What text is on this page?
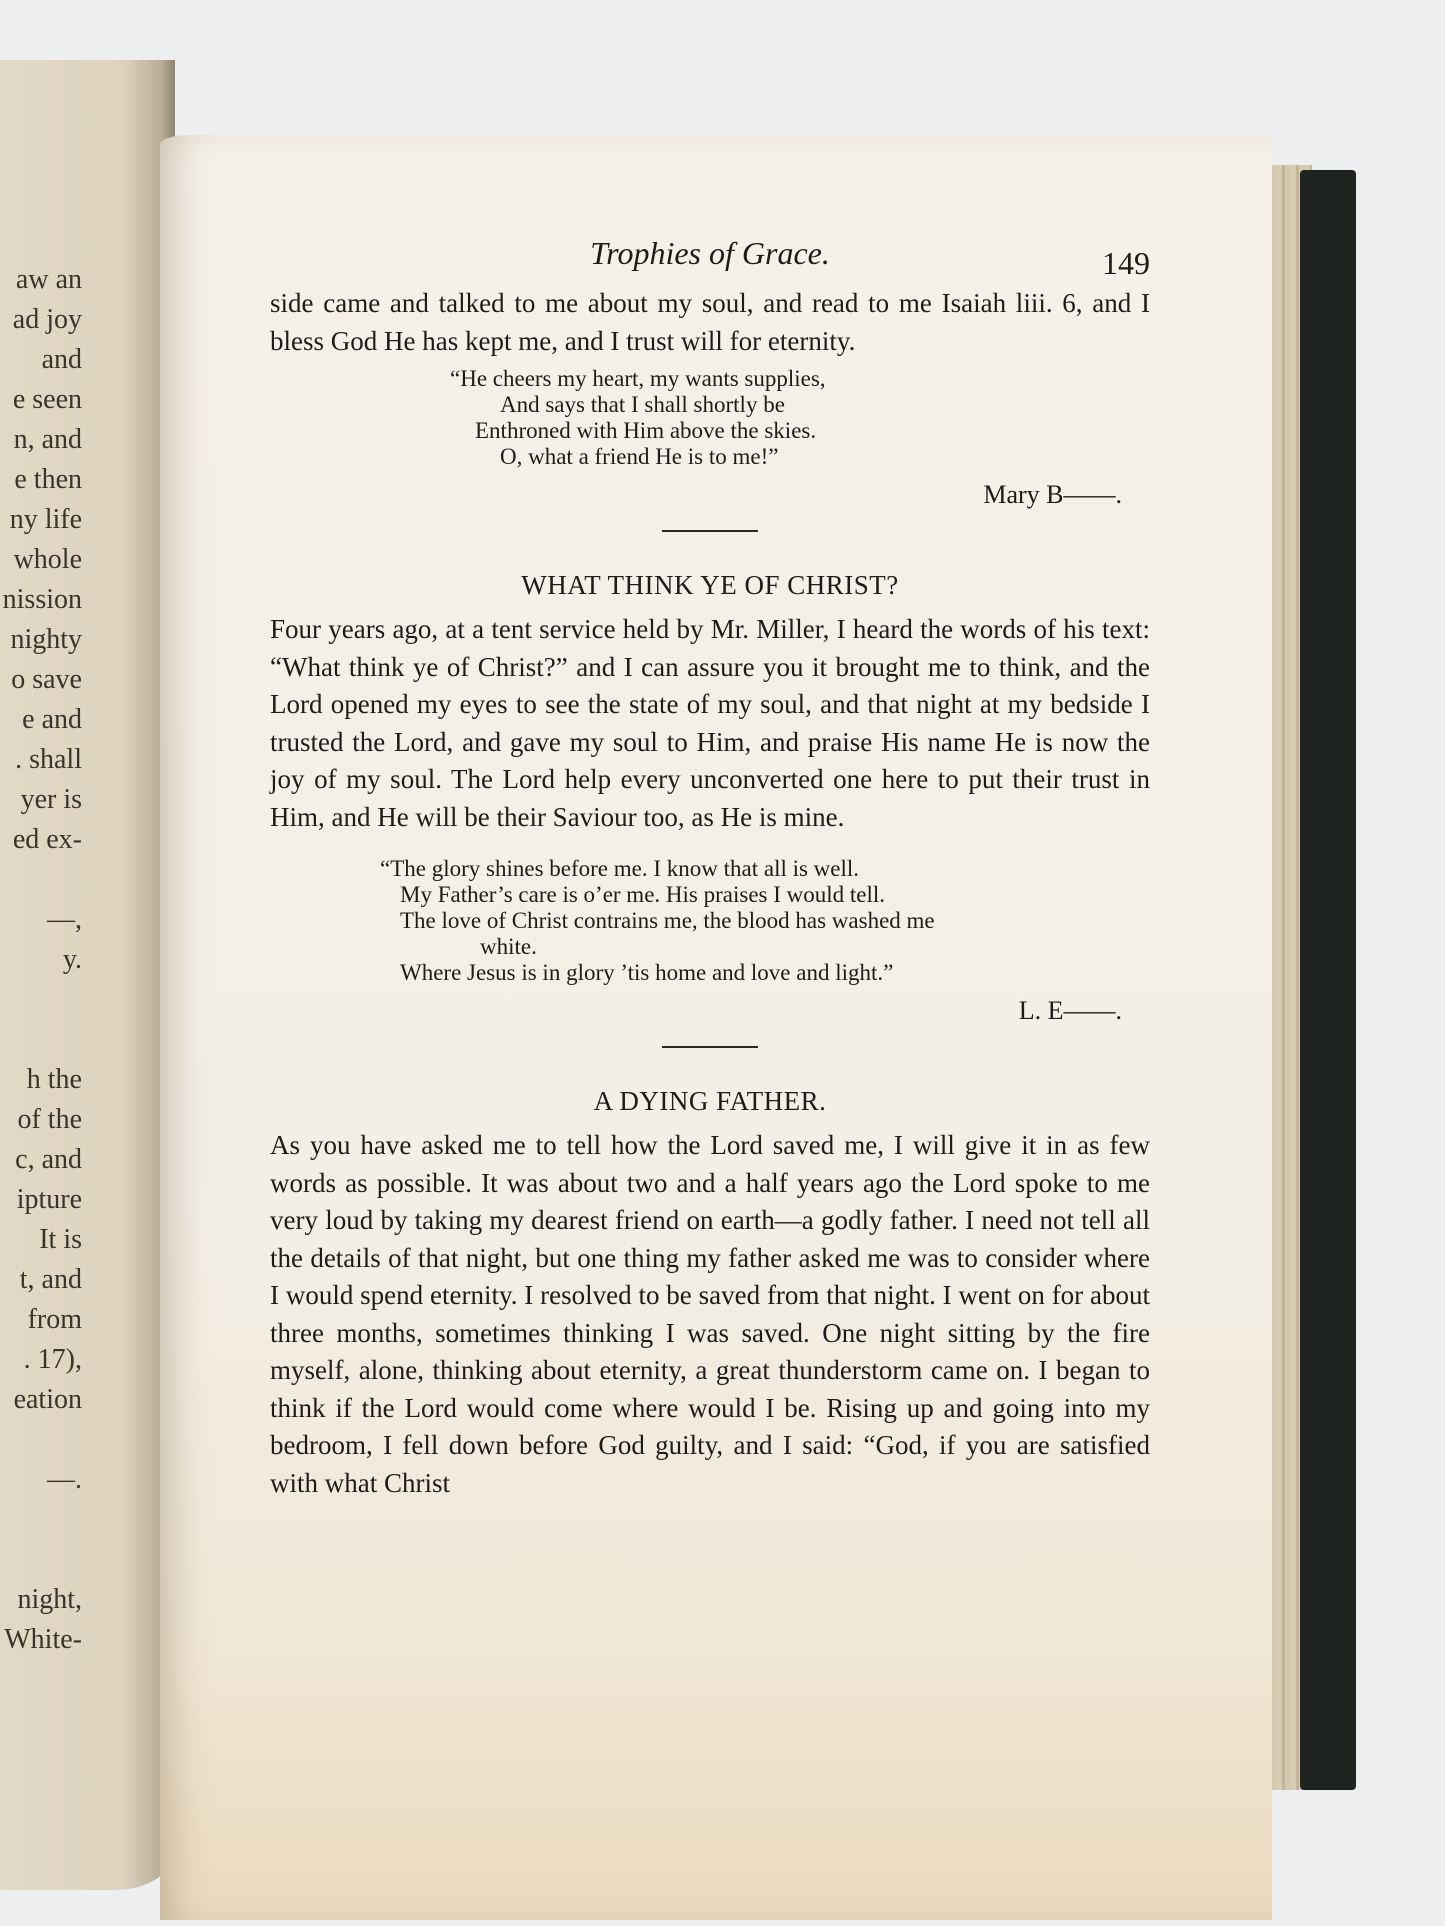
aw an
ad joy
and
e seen
n, and
e then
ny life
whole
nission
nighty
o save
e and
. shall
yer is
ed ex-
—,
y.
h the
of the
c, and
ipture
It is
t, and
from
. 17),
eation
—.
night,
White-
Trophies of Grace.	149

side came and talked to me about my soul, and read to me Isaiah liii. 6, and I bless God He has kept me, and I trust will for eternity.

“He cheers my heart, my wants supplies,
And says that I shall shortly be
Enthroned with Him above the skies.
O, what a friend He is to me!”
Mary B——.
WHAT THINK YE OF CHRIST?

Four years ago, at a tent service held by Mr. Miller, I heard the words of his text: “What think ye of Christ?” and I can assure you it brought me to think, and the Lord opened my eyes to see the state of my soul, and that night at my bedside I trusted the Lord, and gave my soul to Him, and praise His name He is now the joy of my soul. The Lord help every unconverted one here to put their trust in Him, and He will be their Saviour too, as He is mine.

“The glory shines before me. I know that all is well.
My Father’s care is o’er me. His praises I would tell.
The love of Christ contrains me, the blood has washed me
white.
Where Jesus is in glory ’tis home and love and light.”
L. E——.
A DYING FATHER.

As you have asked me to tell how the Lord saved me, I will give it in as few words as possible. It was about two and a half years ago the Lord spoke to me very loud by taking my dearest friend on earth—a godly father. I need not tell all the details of that night, but one thing my father asked me was to consider where I would spend eternity. I resolved to be saved from that night. I went on for about three months, sometimes thinking I was saved. One night sitting by the fire myself, alone, thinking about eternity, a great thunderstorm came on. I began to think if the Lord would come where would I be. Rising up and going into my bedroom, I fell down before God guilty, and I said: “God, if you are satisfied with what Christ
